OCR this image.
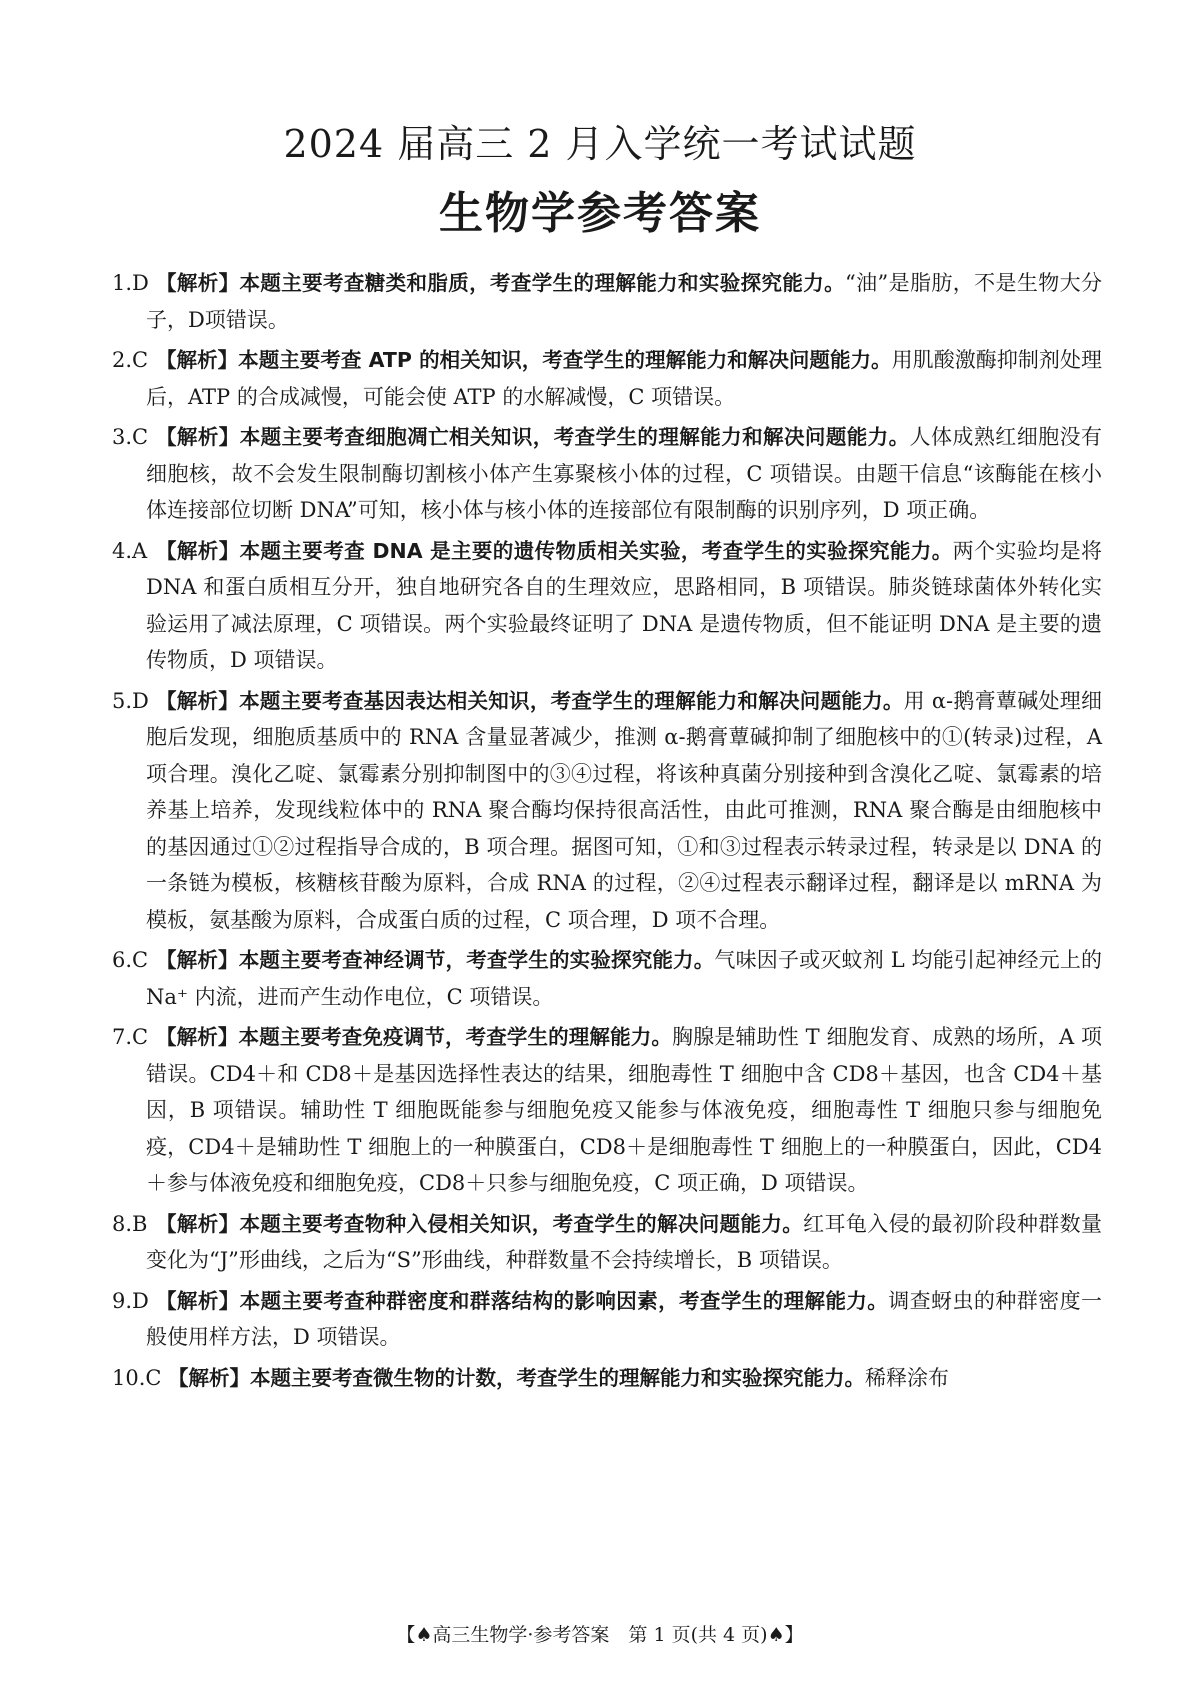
2024 届高三 2 月入学统一考试试题
生物学参考答案
1.D 【解析】本题主要考查糖类和脂质，考查学生的理解能力和实验探究能力。“油”是脂肪，不是生物大分子，D项错误。
2.C 【解析】本题主要考查 ATP 的相关知识，考查学生的理解能力和解决问题能力。用肌酸激酶抑制剂处理后，ATP 的合成减慢，可能会使 ATP 的水解减慢，C 项错误。
3.C 【解析】本题主要考查细胞凋亡相关知识，考查学生的理解能力和解决问题能力。人体成熟红细胞没有细胞核，故不会发生限制酶切割核小体产生寡聚核小体的过程，C 项错误。由题干信息“该酶能在核小体连接部位切断 DNA”可知，核小体与核小体的连接部位有限制酶的识别序列，D 项正确。
4.A 【解析】本题主要考查 DNA 是主要的遗传物质相关实验，考查学生的实验探究能力。两个实验均是将 DNA 和蛋白质相互分开，独自地研究各自的生理效应，思路相同，B 项错误。肺炎链球菌体外转化实验运用了减法原理，C 项错误。两个实验最终证明了 DNA 是遗传物质，但不能证明 DNA 是主要的遗传物质，D 项错误。
5.D 【解析】本题主要考查基因表达相关知识，考查学生的理解能力和解决问题能力。用 α-鹅膏蕈碱处理细胞后发现，细胞质基质中的 RNA 含量显著减少，推测 α-鹅膏蕈碱抑制了细胞核中的①(转录)过程，A 项合理。溴化乙啶、氯霉素分别抑制图中的③④过程，将该种真菌分别接种到含溴化乙啶、氯霉素的培养基上培养，发现线粒体中的 RNA 聚合酶均保持很高活性，由此可推测，RNA 聚合酶是由细胞核中的基因通过①②过程指导合成的，B 项合理。据图可知，①和③过程表示转录过程，转录是以 DNA 的一条链为模板，核糖核苷酸为原料，合成 RNA 的过程，②④过程表示翻译过程，翻译是以 mRNA 为模板，氨基酸为原料，合成蛋白质的过程，C 项合理，D 项不合理。
6.C 【解析】本题主要考查神经调节，考查学生的实验探究能力。气味因子或灭蚊剂 L 均能引起神经元上的 Na⁺ 内流，进而产生动作电位，C 项错误。
7.C 【解析】本题主要考查免疫调节，考查学生的理解能力。胸腺是辅助性 T 细胞发育、成熟的场所，A 项错误。CD4＋和 CD8＋是基因选择性表达的结果，细胞毒性 T 细胞中含 CD8＋基因，也含 CD4＋基因，B 项错误。辅助性 T 细胞既能参与细胞免疫又能参与体液免疫，细胞毒性 T 细胞只参与细胞免疫，CD4＋是辅助性 T 细胞上的一种膜蛋白，CD8＋是细胞毒性 T 细胞上的一种膜蛋白，因此，CD4＋参与体液免疫和细胞免疫，CD8＋只参与细胞免疫，C 项正确，D 项错误。
8.B 【解析】本题主要考查物种入侵相关知识，考查学生的解决问题能力。红耳龟入侵的最初阶段种群数量变化为“J”形曲线，之后为“S”形曲线，种群数量不会持续增长，B 项错误。
9.D 【解析】本题主要考查种群密度和群落结构的影响因素，考查学生的理解能力。调查蚜虫的种群密度一般使用样方法，D 项错误。
10.C 【解析】本题主要考查微生物的计数，考查学生的理解能力和实验探究能力。稀释涂布
【♠高三生物学·参考答案　第 1 页(共 4 页)♠】
